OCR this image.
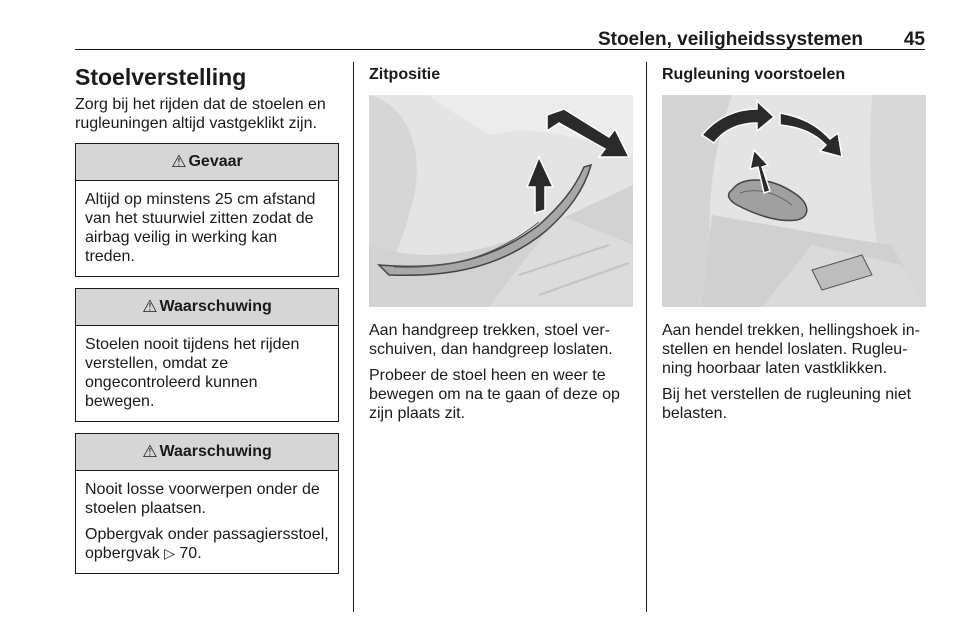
Stoelen, veiligheidssystemen 45
Stoelverstelling

Zorg bij het rijden dat de stoelen en rugleuningen altijd vastgeklikt zijn.

⚠ Gevaar

Altijd op minstens 25 cm afstand van het stuurwiel zitten zodat de airbag veilig in werking kan treden.

⚠ Waarschuwing

Stoelen nooit tijdens het rijden verstellen, omdat ze ongecontroleerd kunnen bewegen.

⚠ Waarschuwing

Nooit losse voorwerpen onder de stoelen plaatsen.

Opbergvak onder passagiersstoel, opbergvak ▷ 70.

Zitpositie

Aan handgreep trekken, stoel verschuiven, dan handgreep loslaten.

Probeer de stoel heen en weer te bewegen om na te gaan of deze op zijn plaats zit.

Rugleuning voorstoelen

Aan hendel trekken, hellingshoek instellen en hendel loslaten. Rugleuning hoorbaar laten vastklikken.

Bij het verstellen de rugleuning niet belasten.
